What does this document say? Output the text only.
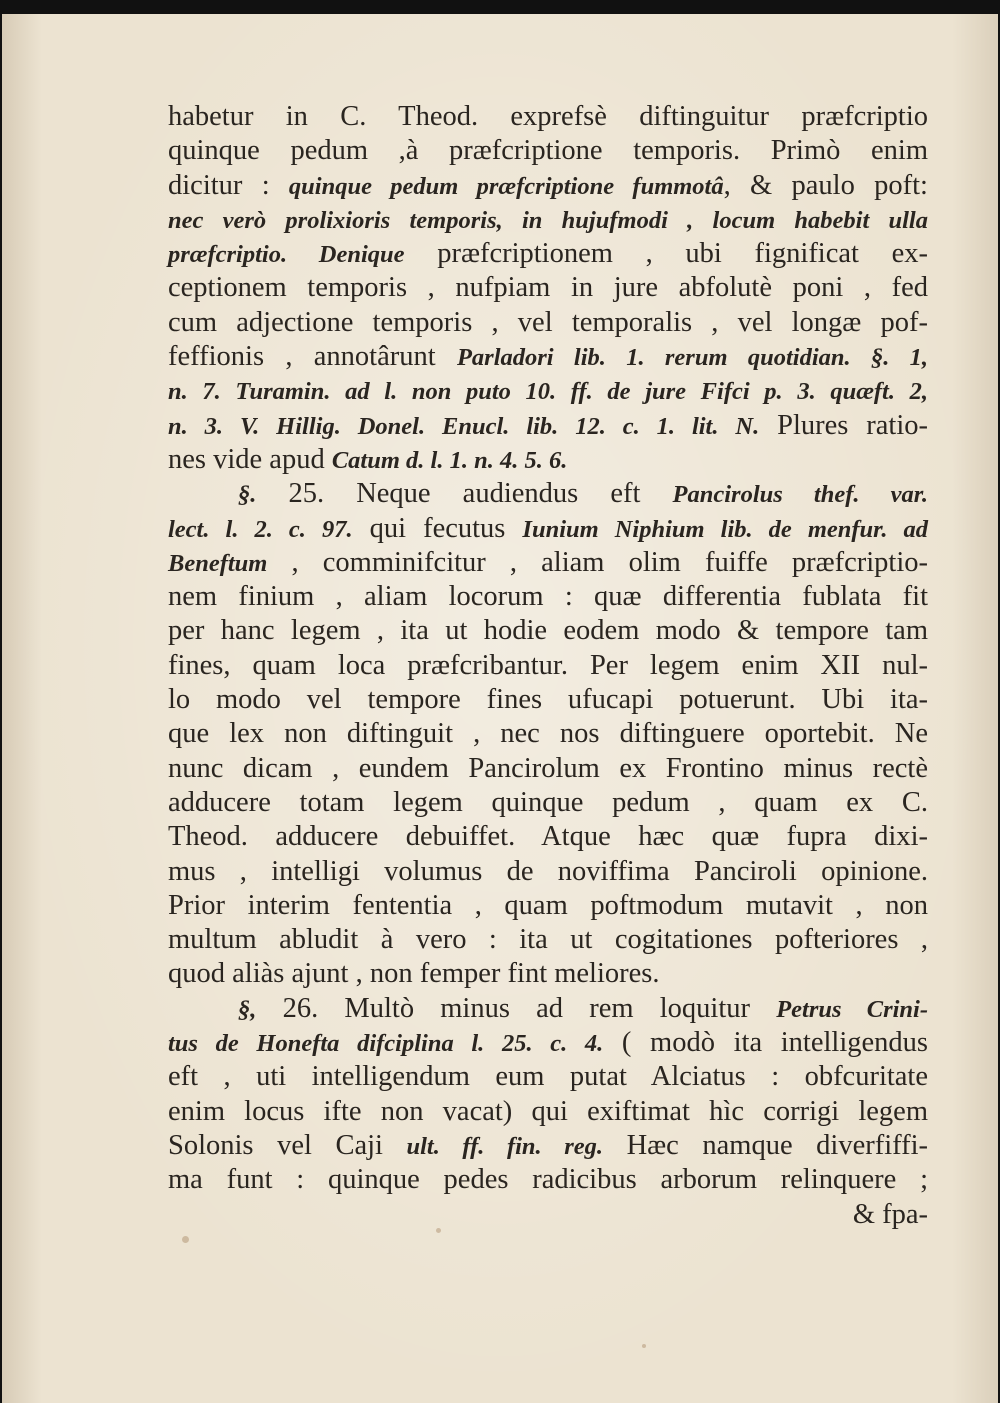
habetur in C. Theod. exprefsè diftinguitur præfcriptio
quinque pedum ,à præfcriptione temporis. Primò enim
dicitur : quinque pedum præfcriptione fummotâ, & paulo poft:
nec verò prolixioris temporis, in hujufmodi , locum habebit ulla
præfcriptio. Denique præfcriptionem , ubi fignificat ex-
ceptionem temporis , nufpiam in jure abfolutè poni , fed
cum adjectione temporis , vel temporalis , vel longæ pof-
feffionis , annotârunt Parladori lib. 1. rerum quotidian. §. 1,
n. 7. Turamin. ad l. non puto 10. ff. de jure Fifci p. 3. quæft. 2,
n. 3. V. Hillig. Donel. Enucl. lib. 12. c. 1. lit. N. Plures ratio-
nes vide apud Catum d. l. 1. n. 4. 5. 6.
§. 25. Neque audiendus eft Pancirolus thef. var.
lect. l. 2. c. 97. qui fecutus Iunium Niphium lib. de menfur. ad
Beneftum , comminifcitur , aliam olim fuiffe præfcriptio-
nem finium , aliam locorum : quæ differentia fublata fit
per hanc legem , ita ut hodie eodem modo & tempore tam
fines, quam loca præfcribantur. Per legem enim XII nul-
lo modo vel tempore fines ufucapi potuerunt. Ubi ita-
que lex non diftinguit , nec nos diftinguere oportebit. Ne
nunc dicam , eundem Pancirolum ex Frontino minus rectè
adducere totam legem quinque pedum , quam ex C.
Theod. adducere debuiffet. Atque hæc quæ fupra dixi-
mus , intelligi volumus de noviffima Panciroli opinione.
Prior interim fententia , quam poftmodum mutavit , non
multum abludit à vero : ita ut cogitationes pofteriores ,
quod aliàs ajunt , non femper fint meliores.
§, 26. Multò minus ad rem loquitur Petrus Crini-
tus de Honefta difciplina l. 25. c. 4. ( modò ita intelligendus
eft , uti intelligendum eum putat Alciatus : obfcuritate
enim locus ifte non vacat) qui exiftimat hìc corrigi legem
Solonis vel Caji ult. ff. fin. reg. Hæc namque diverfiffi-
ma funt : quinque pedes radicibus arborum relinquere ;
& fpa-
